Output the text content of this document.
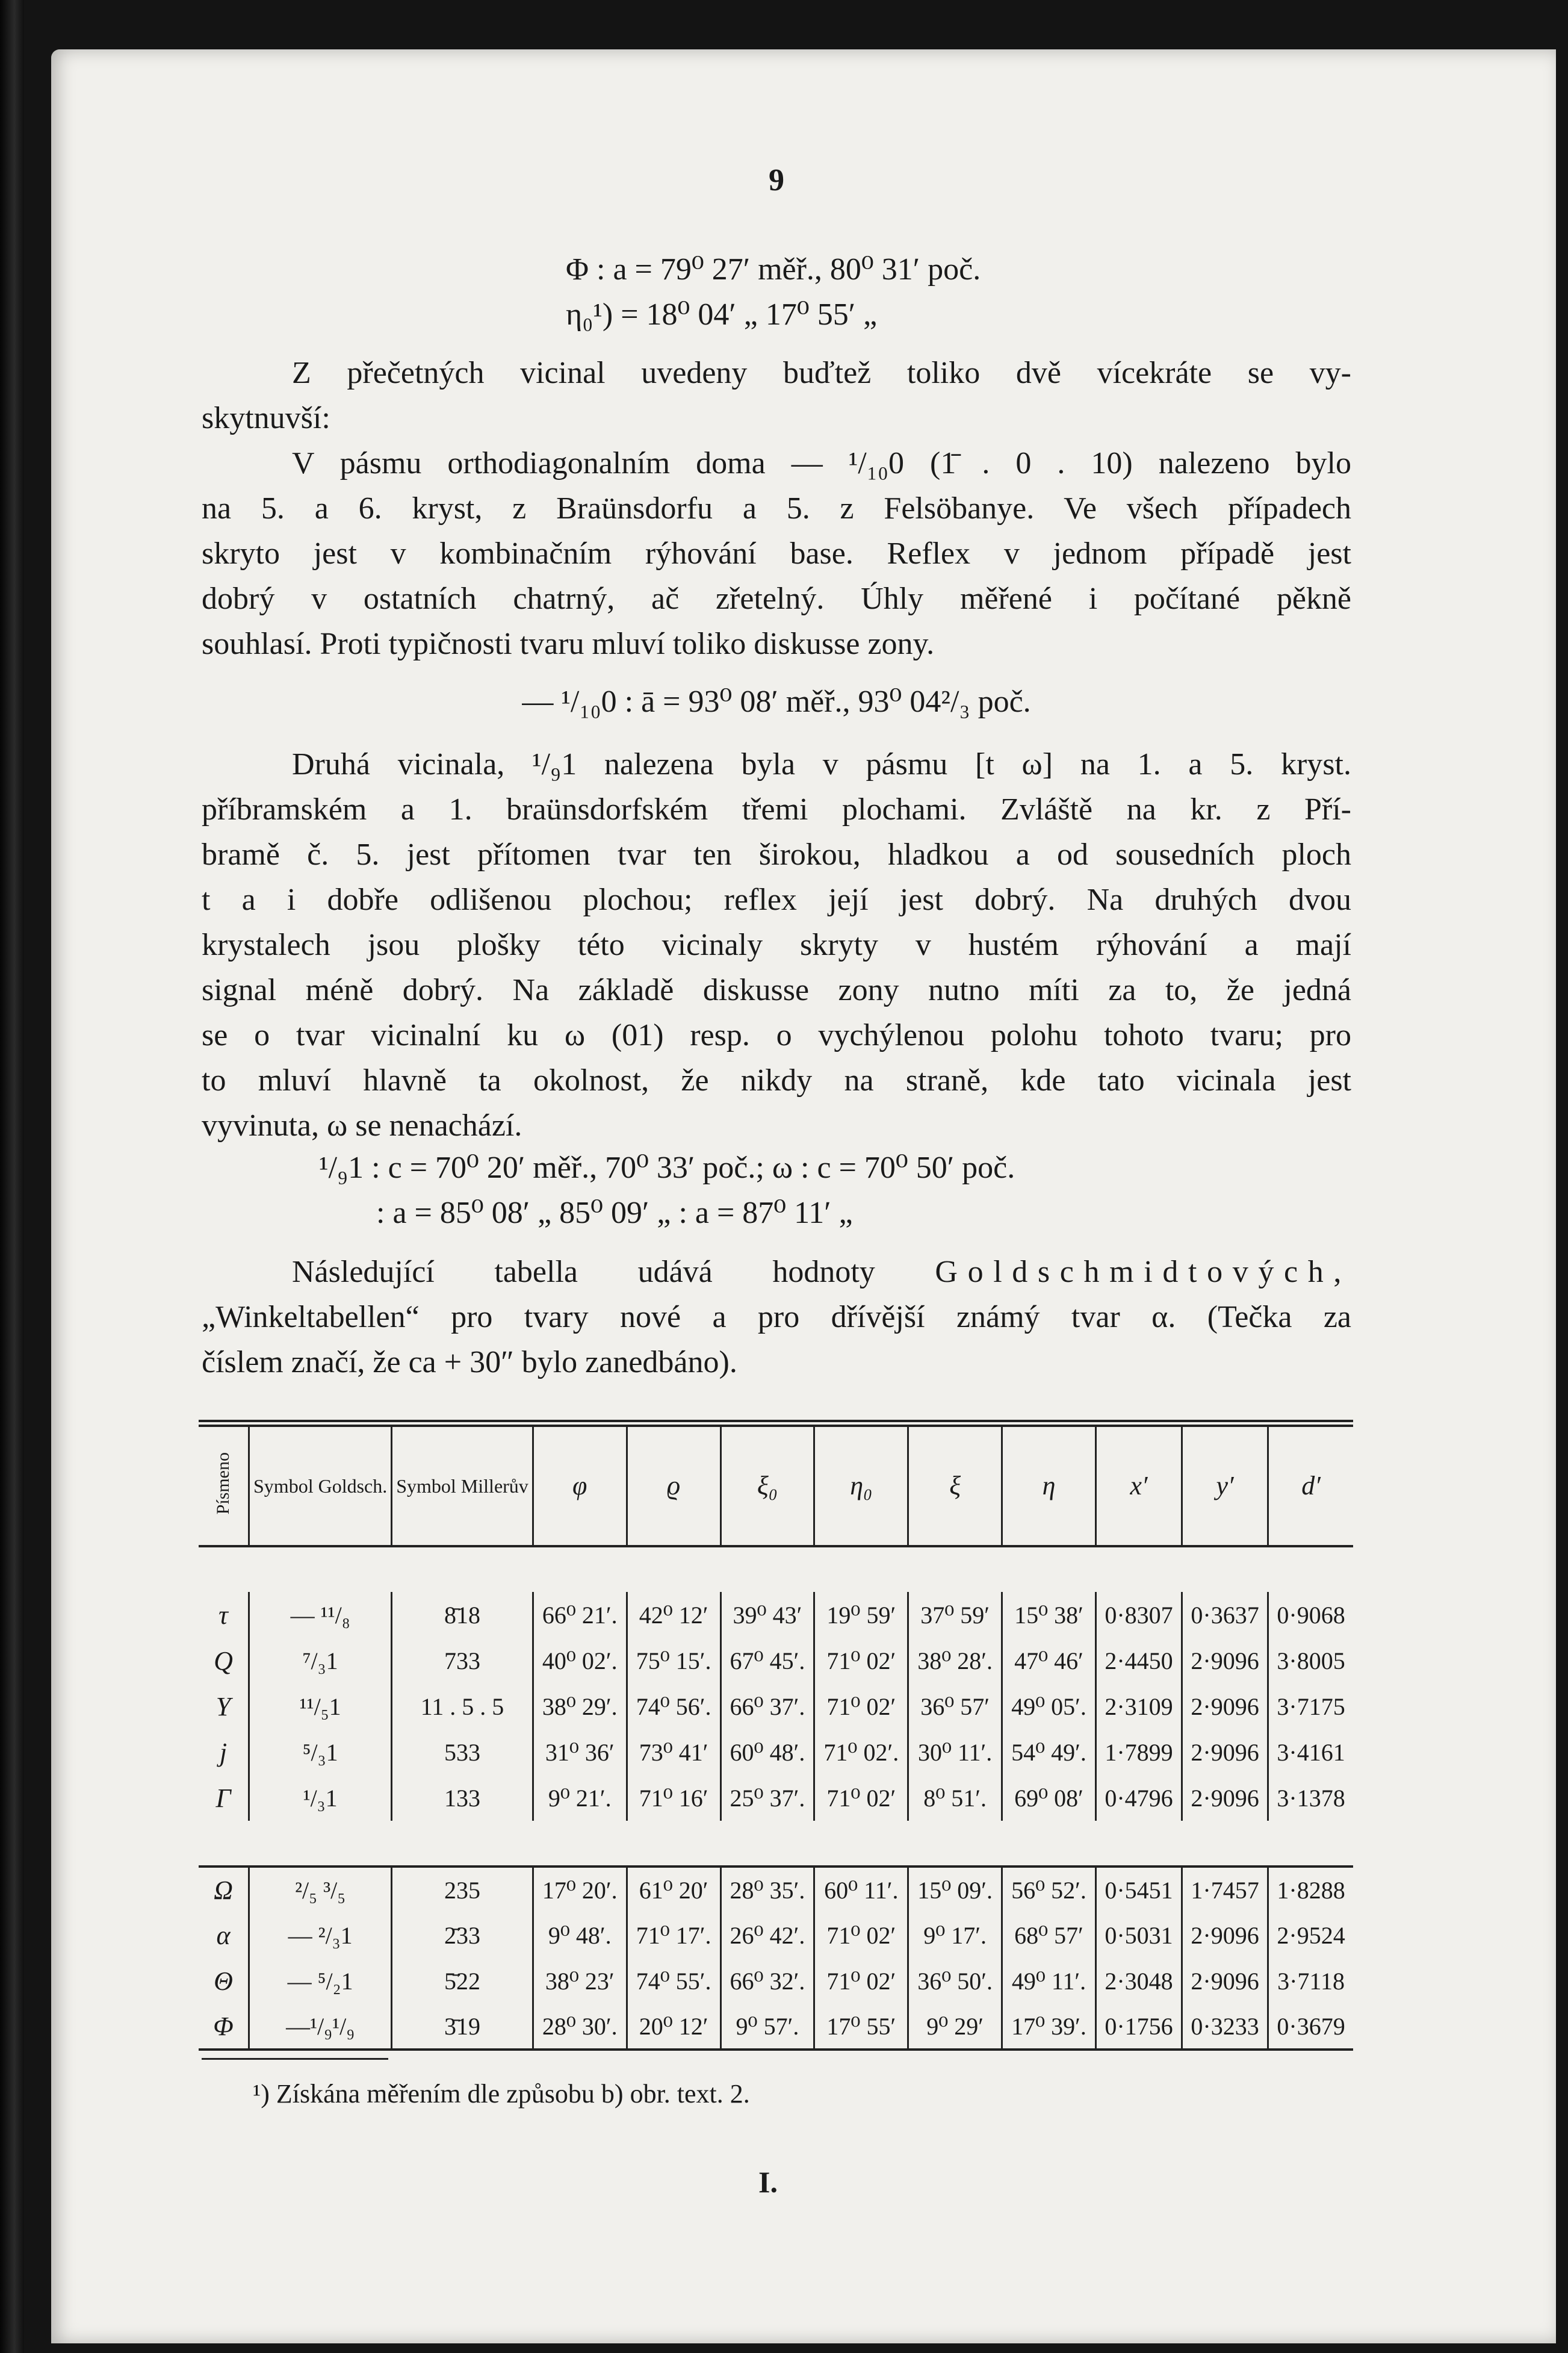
9
Φ : a = 79⁰ 27′ měř., 80⁰ 31′ poč.
η₀¹) = 18⁰ 04′ „ 17⁰ 55′ „
Z přečetných vicinal uvedeny buďtež toliko dvě vícekráte se vy-
skytnuvší:
V pásmu orthodiagonalním doma — ¹/₁₀0 (1̄ . 0 . 10) nalezeno bylo
na 5. a 6. kryst, z Braünsdorfu a 5. z Felsöbanye. Ve všech případech
skryto jest v kombinačním rýhování base. Reflex v jednom případě jest
dobrý v ostatních chatrný, ač zřetelný. Úhly měřené i počítané pěkně
souhlasí. Proti typičnosti tvaru mluví toliko diskusse zony.
— ¹/₁₀0 : ā = 93⁰ 08′ měř., 93⁰ 04²/₃ poč.
Druhá vicinala, ¹/₉1 nalezena byla v pásmu [t ω] na 1. a 5. kryst.
příbramském a 1. braünsdorfském třemi plochami. Zvláště na kr. z Pří-
bramě č. 5. jest přítomen tvar ten širokou, hladkou a od sousedních ploch
t a i dobře odlišenou plochou; reflex její jest dobrý. Na druhých dvou
krystalech jsou plošky této vicinaly skryty v hustém rýhování a mají
signal méně dobrý. Na základě diskusse zony nutno míti za to, že jedná
se o tvar vicinalní ku ω (01) resp. o vychýlenou polohu tohoto tvaru; pro
to mluví hlavně ta okolnost, že nikdy na straně, kde tato vicinala jest
vyvinuta, ω se nenachází.
¹/₉1 : c = 70⁰ 20′ měř., 70⁰ 33′ poč.; ω : c = 70⁰ 50′ poč.
: a = 85⁰ 08′ „ 85⁰ 09′ „ : a = 87⁰ 11′ „
Následující tabella udává hodnoty Goldschmidtových,
„Winkeltabellen“ pro tvary nové a pro dřívější známý tvar α. (Tečka za
číslem značí, že ca + 30″ bylo zanedbáno).

Písmeno	Symbol Goldsch.	Symbol Millerův	φ	ϱ	ξ₀	η₀	ξ	η	x′	y′	d′

τ	— ¹¹/₈	8̄18	66⁰ 21′.	42⁰ 12′	39⁰ 43′	19⁰ 59′	37⁰ 59′	15⁰ 38′	0·8307	0·3637	0·9068
Q	⁷/₃1	733	40⁰ 02′.	75⁰ 15′.	67⁰ 45′.	71⁰ 02′	38⁰ 28′.	47⁰ 46′	2·4450	2·9096	3·8005
Y	¹¹/₅1	11 . 5 . 5	38⁰ 29′.	74⁰ 56′.	66⁰ 37′.	71⁰ 02′	36⁰ 57′	49⁰ 05′.	2·3109	2·9096	3·7175
j	⁵/₃1	533	31⁰ 36′	73⁰ 41′	60⁰ 48′.	71⁰ 02′.	30⁰ 11′.	54⁰ 49′.	1·7899	2·9096	3·4161
Γ	¹/₃1	133	9⁰ 21′.	71⁰ 16′	25⁰ 37′.	71⁰ 02′	8⁰ 51′.	69⁰ 08′	0·4796	2·9096	3·1378

Ω	²/₅ ³/₅	235	17⁰ 20′.	61⁰ 20′	28⁰ 35′.	60⁰ 11′.	15⁰ 09′.	56⁰ 52′.	0·5451	1·7457	1·8288
α	— ²/₃1	2̄33	9⁰ 48′.	71⁰ 17′.	26⁰ 42′.	71⁰ 02′	9⁰ 17′.	68⁰ 57′	0·5031	2·9096	2·9524
Θ	— ⁵/₂1	5̄22	38⁰ 23′	74⁰ 55′.	66⁰ 32′.	71⁰ 02′	36⁰ 50′.	49⁰ 11′.	2·3048	2·9096	3·7118
Φ	—¹/₉¹/₉	3̄19	28⁰ 30′.	20⁰ 12′	9⁰ 57′.	17⁰ 55′	9⁰ 29′	17⁰ 39′.	0·1756	0·3233	0·3679
¹) Získána měřením dle způsobu b) obr. text. 2.
I.
